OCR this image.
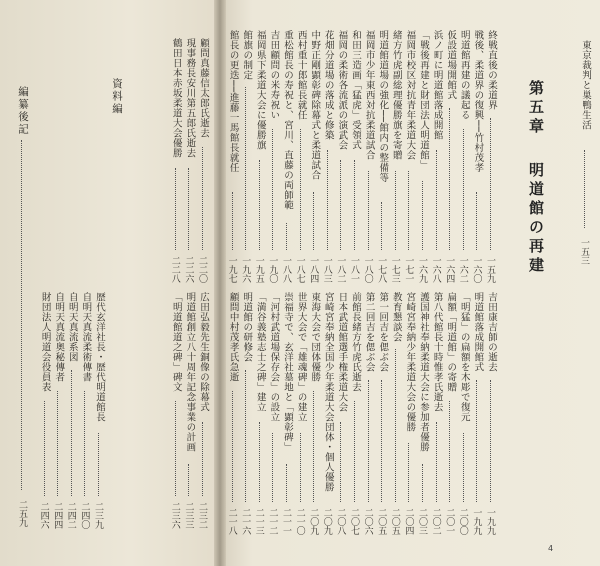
東京裁判と巣鴨生活
一五三
第五章
明道館の再建
終戦直後の柔道界
一五九
戦後、柔道界の復興──竹村茂孝
一六〇
明道館再建の議起る
一六二
仮設道場開館式
一六四
浜ノ町に明道館落成開館
一六八
「戦後再建と財団法人明道館」
一六九
福岡市校区対抗青年柔道大会
一七一
緒方竹虎副総理優勝旗を寄贈
一七三
明道館道場の強化──館内の整備等
一七八
福岡市少年東西対抗柔道試合
一八〇
和田三造画「猛虎」受領式
一八一
福岡の柔術各流派の演武会
一八二
花畑分道場の落成と修築
一八三
中野正剛顕彰碑除幕式と柔道試合
一八四
西村重十郎館長就任
一八七
重松館長の寿祝と、宮川、直藤の両師範
一八八
吉田顧問の米寿祝い
一九〇
福岡県下柔道大会に優勝旗
一九五
館旗の制定
一九六
館長の更迭──進藤一馬館長就任
一九七
吉田康吉師の逝去
一九九
明道館落成開館式
一九九
「明猛」の扁額を木彫で復元
二〇〇
扁額「明道館」の寄贈
二〇一
第八代館長十時惟孝氏逝去
二〇二
護国神社奉納柔道大会に参加者優勝
二〇三
宮崎宮奉納少年柔道大会の優勝
二〇四
教育懇談会
二〇五
第一回吉を偲ぶ会
二〇五
第二回吉を偲ぶ会
二〇六
前館長緒方竹虎氏逝去
二〇七
日本武道館選手権柔道大会
二〇八
宮崎宮奉納全国少年柔道大会団体・個人優勝
二〇九
東海大会で団体優勝
二〇九
世界大会で「雄魂碑」の建立
二一〇
崇福寺で、玄洋社墓地と「顕彰碑」
二一一
「河村武道場保存会」の設立
二一二
「満谷義塾志士之碑」建立
二一三
明道館の研修会
二一六
顧問中村茂孝氏急逝
二一八
4
顧問真藤信太郎氏逝去
二二〇
現事務長安川第五郎氏逝去
二二六
鶴田日本赤坂柔道大会優勝
二二八
資料編
広田弘毅先生銅像の除幕式
二三二
明道館創立八十周年記念事業の計画
二三三
「明道館道之碑」碑文
二三六
歴代玄洋社長・歴代明道館長
二三九
自明天真流柔術傳書
二四〇
自明天真流系図
二四二
自明天真流奥秘傳者
二四四
財団法人明道会役員表
二四六
編纂後記
二五九
